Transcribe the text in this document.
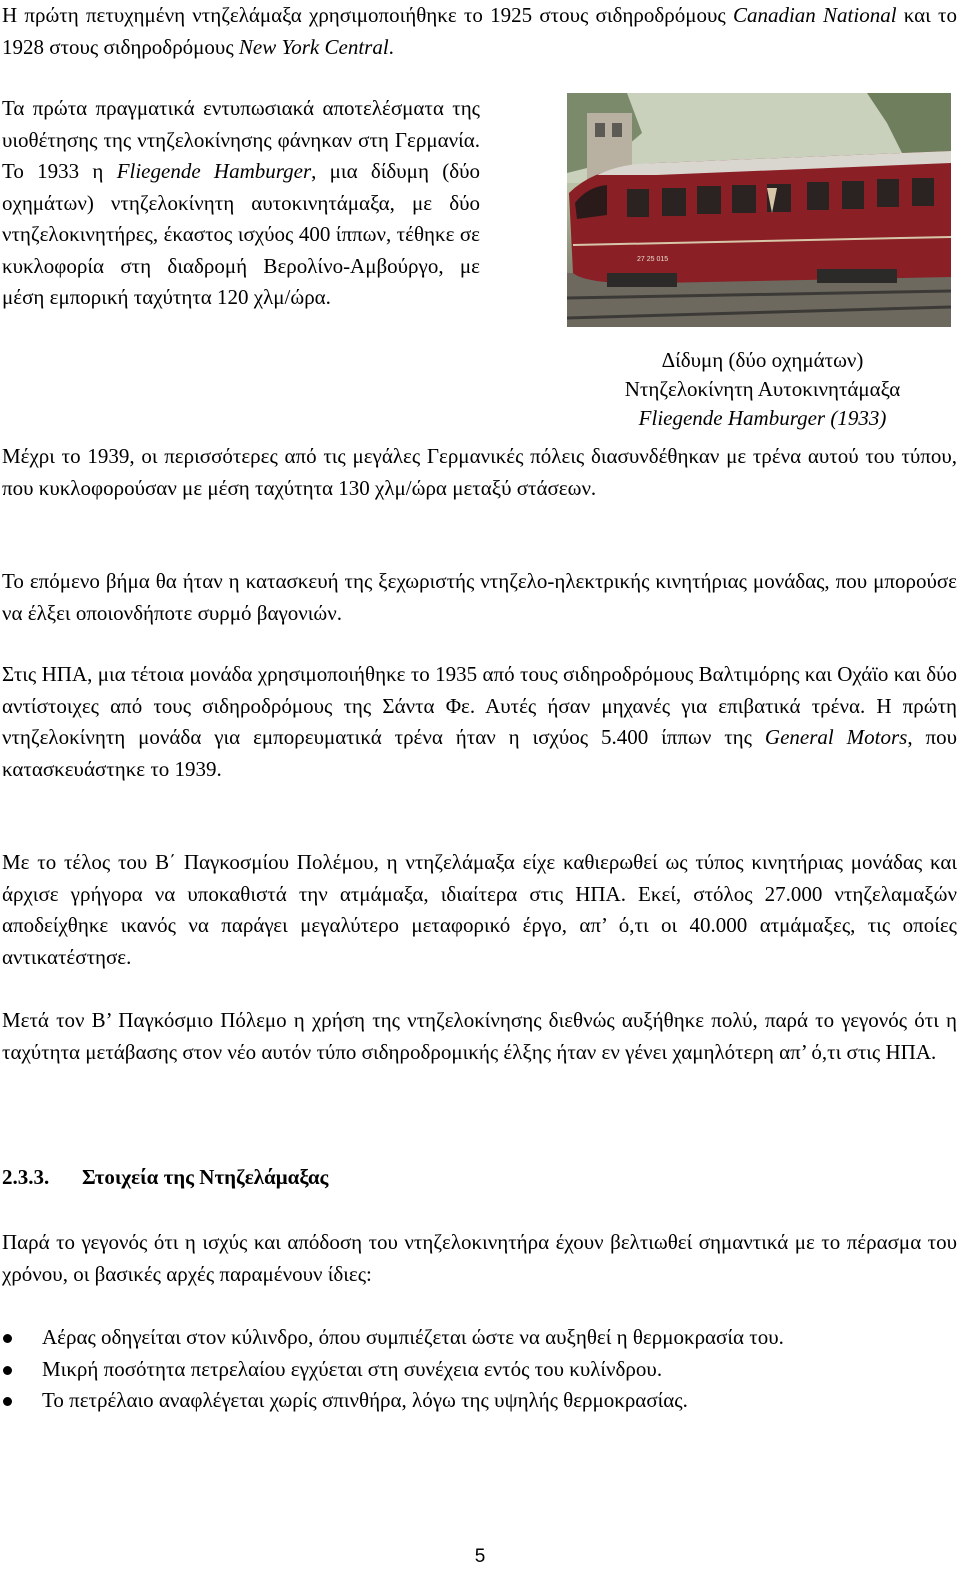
Η πρώτη πετυχημένη ντηζελάμαξα χρησιμοποιήθηκε το 1925 στους σιδηροδρόμους Canadian National και το 1928 στους σιδηροδρόμους New York Central.

Τα πρώτα πραγματικά εντυπωσιακά αποτελέσματα της υιοθέτησης της ντηζελοκίνησης φάνηκαν στη Γερμανία. Το 1933 η Fliegende Hamburger, μια δίδυμη (δύο οχημάτων) ντηζελοκίνητη αυτοκινητάμαξα, με δύο ντηζελοκινητήρες, έκαστος ισχύος 400 ίππων, τέθηκε σε κυκλοφορία στη διαδρομή Βερολίνο-Αμβούργο, με μέση εμπορική ταχύτητα 120 χλμ/ώρα.

27 25 015
Δίδυμη (δύο οχημάτων)
Ντηζελοκίνητη Αυτοκινητάμαξα
Fliegende Hamburger (1933)

Μέχρι το 1939, οι περισσότερες από τις μεγάλες Γερμανικές πόλεις διασυνδέθηκαν με τρένα αυτού του τύπου, που κυκλοφορούσαν με μέση ταχύτητα 130 χλμ/ώρα μεταξύ στάσεων.

Το επόμενο βήμα θα ήταν η κατασκευή της ξεχωριστής ντηζελο-ηλεκτρικής κινητήριας μονάδας, που μπορούσε να έλξει οποιονδήποτε συρμό βαγονιών.

Στις ΗΠΑ, μια τέτοια μονάδα χρησιμοποιήθηκε το 1935 από τους σιδηροδρόμους Βαλτιμόρης και Οχάϊο και δύο αντίστοιχες από τους σιδηροδρόμους της Σάντα Φε. Αυτές ήσαν μηχανές για επιβατικά τρένα. Η πρώτη ντηζελοκίνητη μονάδα για εμπορευματικά τρένα ήταν η ισχύος 5.400 ίππων της General Motors, που κατασκευάστηκε το 1939.

Με το τέλος του Β΄ Παγκοσμίου Πολέμου, η ντηζελάμαξα είχε καθιερωθεί ως τύπος κινητήριας μονάδας και άρχισε γρήγορα να υποκαθιστά την ατμάμαξα, ιδιαίτερα στις ΗΠΑ. Εκεί, στόλος 27.000 ντηζελαμαξών αποδείχθηκε ικανός να παράγει μεγαλύτερο μεταφορικό έργο, απ’ ό,τι οι 40.000 ατμάμαξες, τις οποίες αντικατέστησε.

Μετά τον Β’ Παγκόσμιο Πόλεμο η χρήση της ντηζελοκίνησης διεθνώς αυξήθηκε πολύ, παρά το γεγονός ότι η ταχύτητα μετάβασης στον νέο αυτόν τύπο σιδηροδρομικής έλξης ήταν εν γένει χαμηλότερη απ’ ό,τι στις ΗΠΑ.

2.3.3. Στοιχεία της Ντηζελάμαξας

Παρά το γεγονός ότι η ισχύς και απόδοση του ντηζελοκινητήρα έχουν βελτιωθεί σημαντικά με το πέρασμα του χρόνου, οι βασικές αρχές παραμένουν ίδιες:

Αέρας οδηγείται στον κύλινδρο, όπου συμπιέζεται ώστε να αυξηθεί η θερμοκρασία του.
Μικρή ποσότητα πετρελαίου εγχύεται στη συνέχεια εντός του κυλίνδρου.
Το πετρέλαιο αναφλέγεται χωρίς σπινθήρα, λόγω της υψηλής θερμοκρασίας.
5
